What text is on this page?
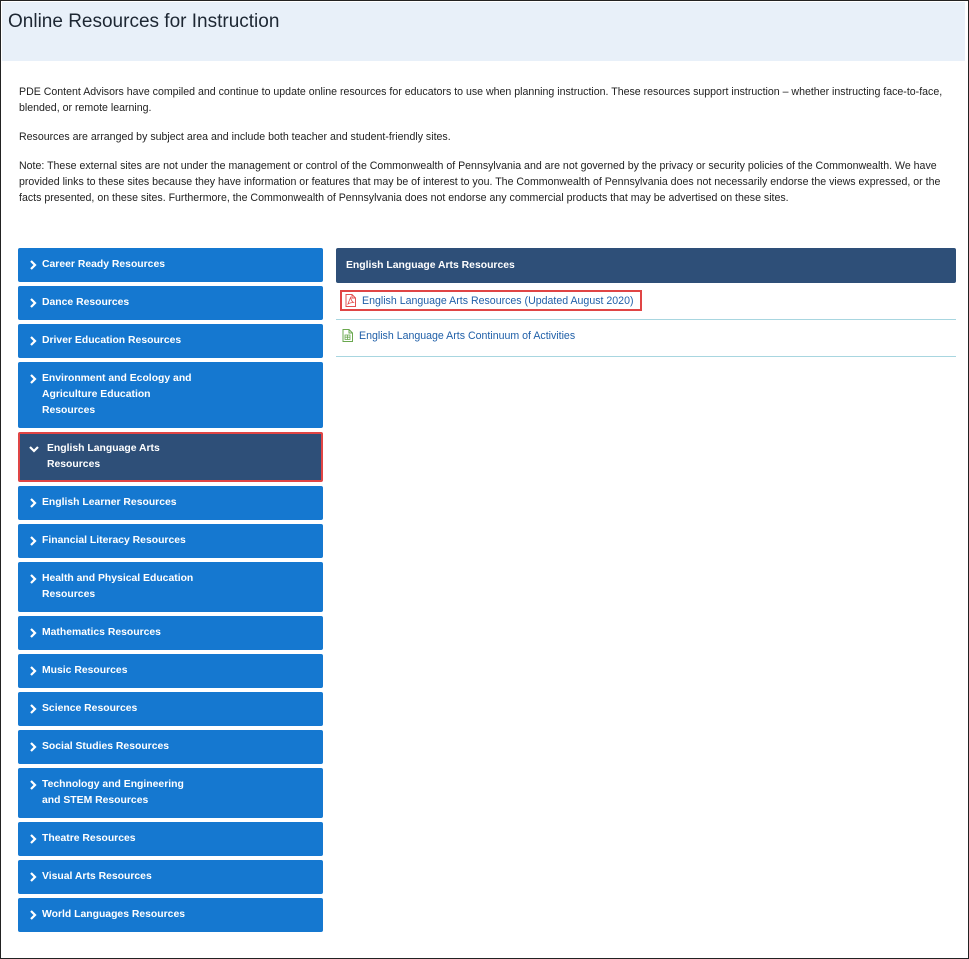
Online Resources for Instruction

PDE Content Advisors have compiled and continue to update online resources for educators to use when planning instruction. These resources support instruction – whether instructing face-to-face, blended, or remote learning.

Resources are arranged by subject area and include both teacher and student-friendly sites.

Note: These external sites are not under the management or control of the Commonwealth of Pennsylvania and are not governed by the privacy or security policies of the Commonwealth. We have provided links to these sites because they have information or features that may be of interest to you. The Commonwealth of Pennsylvania does not necessarily endorse the views expressed, or the facts presented, on these sites. Furthermore, the Commonwealth of Pennsylvania does not endorse any commercial products that may be advertised on these sites.

Career Ready Resources
Dance Resources
Driver Education Resources
Environment and Ecology and Agriculture Education Resources
English Language Arts Resources
English Learner Resources
Financial Literacy Resources
Health and Physical Education Resources
Mathematics Resources
Music Resources
Science Resources
Social Studies Resources
Technology and Engineering and STEM Resources
Theatre Resources
Visual Arts Resources
World Languages Resources
English Language Arts Resources
English Language Arts Resources (Updated August 2020)
English Language Arts Continuum of Activities
